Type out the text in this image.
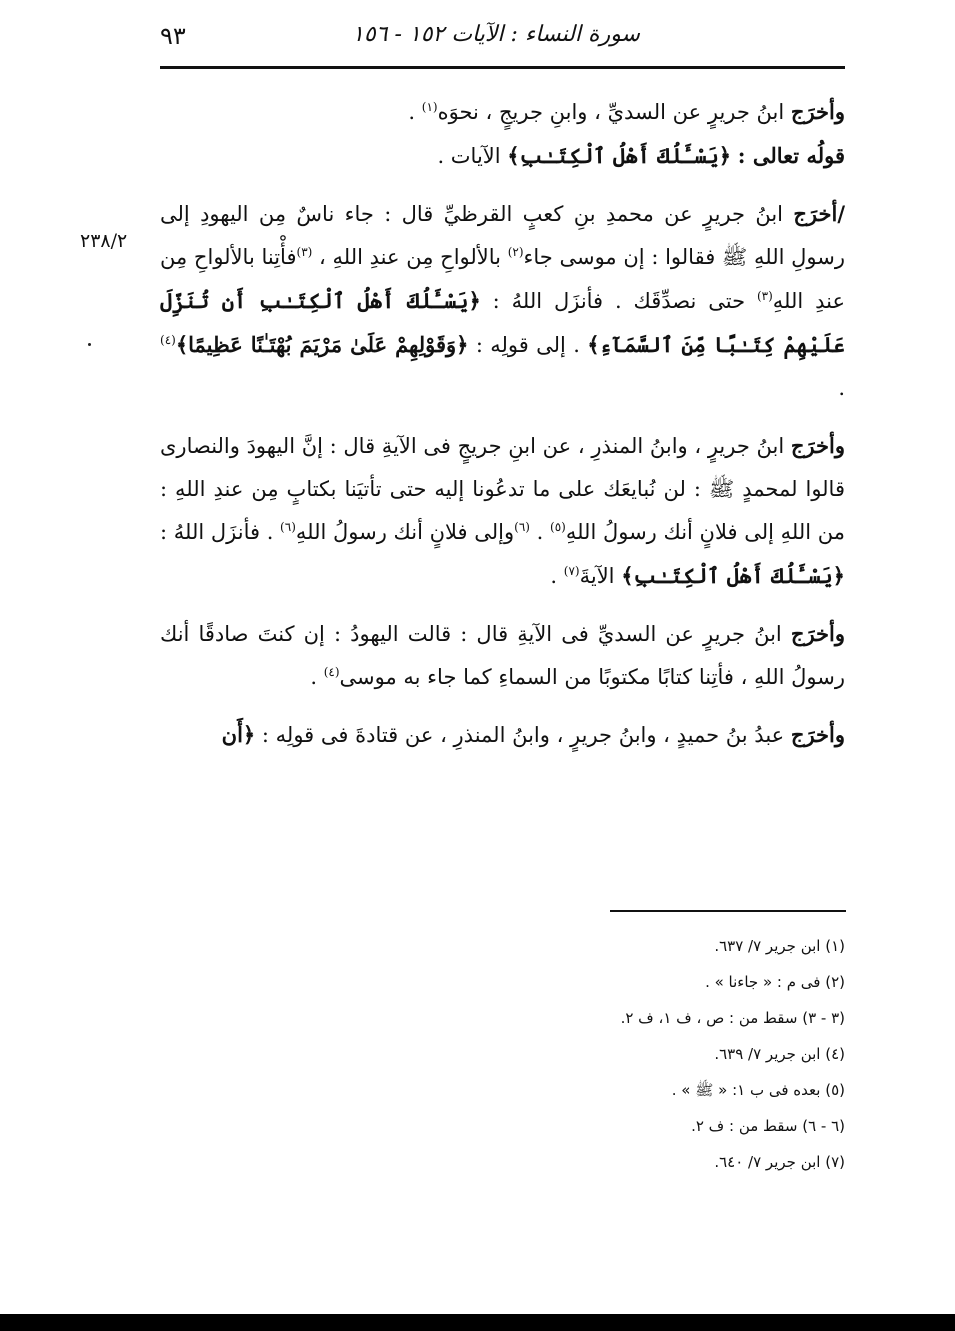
سورة النساء : الآيات ١٥٢ - ١٥٦
٩٣
٢٣٨/٢

وأخرَج ابنُ جريرٍ عن السديِّ ، وابنِ جريجٍ ، نحوَه$^{(١)}$ .

قولُه تعالى : ﴿يَسْـَٔلُكَ أَهْلُ ٱلْكِتَـٰبِ﴾ الآيات .

/أخرَج ابنُ جريرٍ عن محمدِ بنِ كعبٍ القرظيِّ قال : جاء ناسٌ مِن اليهودِ إلى رسولِ اللهِ ﷺ فقالوا : إن موسى جاء$^{(٢)}$ بالألواحِ مِن عندِ اللهِ ، $^{(٣)}$فأْتِنا بالألواحِ مِن عندِ اللهِ$^{(٣)}$ حتى نصدِّقَك . فأنزَل اللهُ : ﴿يَسْـَٔلُكَ أَهْلُ ٱلْكِتَـٰبِ أَن تُنَزِّلَ عَلَيْهِمْ كِتَـٰبًا مِّنَ ٱلسَّمَآءِ﴾ . إلى قولِه : ﴿وَقَوْلِهِمْ عَلَىٰ مَرْيَمَ بُهْتَـٰنًا عَظِيمًا﴾$^{(٤)}$ .

وأخرَج ابنُ جريرٍ ، وابنُ المنذرِ ، عن ابنِ جريجٍ فى الآيةِ قال : إنَّ اليهودَ والنصارى قالوا لمحمدٍ ﷺ : لن نُبايعَك على ما تدعُونا إليه حتى تأتيَنا بكتابٍ مِن عندِ اللهِ : من اللهِ إلى فلانٍ أنك رسولُ اللهِ$^{(٥)}$ . $^{(٦)}$وإلى فلانٍ أنك رسولُ اللهِ$^{(٦)}$ . فأنزَل اللهُ : ﴿يَسْـَٔلُكَ أَهْلُ ٱلْكِتَـٰبِ﴾ الآيةَ$^{(٧)}$ .

وأخرَج ابنُ جريرٍ عن السديِّ فى الآيةِ قال : قالت اليهودُ : إن كنتَ صادقًا أنك رسولُ اللهِ ، فأتِنا كتابًا مكتوبًا من السماءِ كما جاء به موسى$^{(٤)}$ .

وأخرَج عبدُ بنُ حميدٍ ، وابنُ جريرٍ ، وابنُ المنذرِ ، عن قتادةَ فى قولِه : ﴿أَن

(١) ابن جرير ٧/ ٦٣٧.

(٢) فى م : « جاءنا » .

(٣ - ٣) سقط من : ص ، ف ١، ف ٢.

(٤) ابن جرير ٧/ ٦٣٩.

(٥) بعده فى ب ١: « ﷺ » .

(٦ - ٦) سقط من : ف ٢.

(٧) ابن جرير ٧/ ٦٤٠.
